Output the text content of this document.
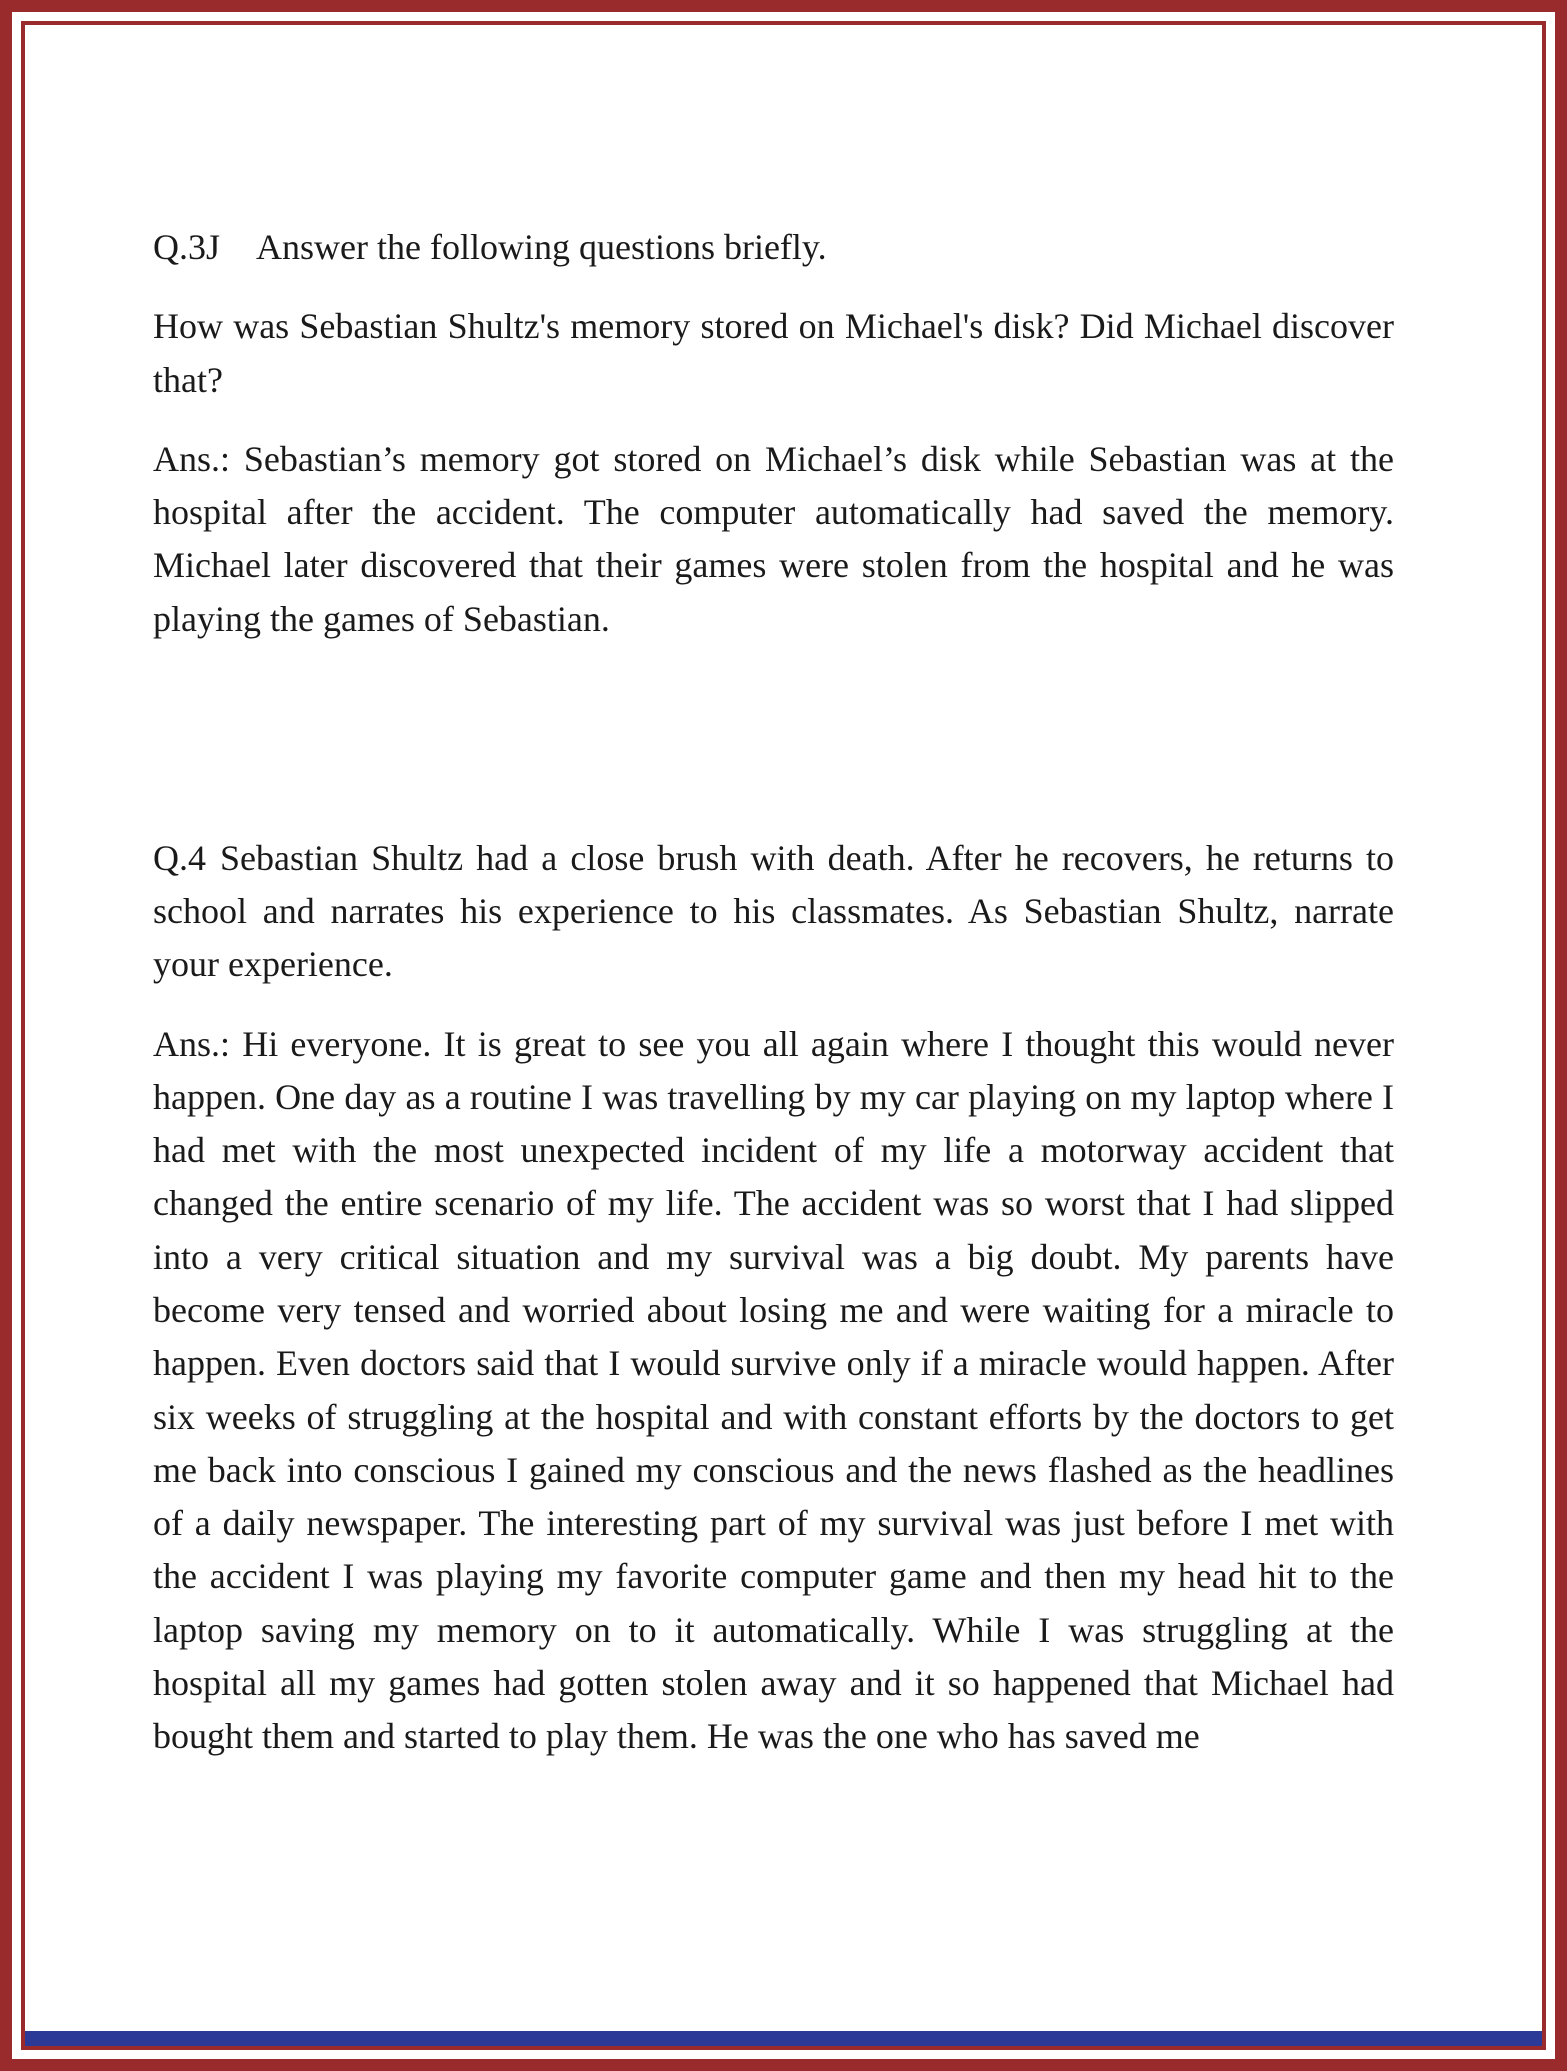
Q.3J Answer the following questions briefly.

How was Sebastian Shultz's memory stored on Michael's disk? Did Michael discover that?

Ans.: Sebastian’s memory got stored on Michael’s disk while Sebastian was at the hospital after the accident. The computer automatically had saved the memory. Michael later discovered that their games were stolen from the hospital and he was playing the games of Sebastian.

Q.4 Sebastian Shultz had a close brush with death. After he recovers, he returns to school and narrates his experience to his classmates. As Sebastian Shultz, narrate your experience.

Ans.: Hi everyone. It is great to see you all again where I thought this would never happen. One day as a routine I was travelling by my car playing on my laptop where I had met with the most unexpected incident of my life a motorway accident that changed the entire scenario of my life. The accident was so worst that I had slipped into a very critical situation and my survival was a big doubt. My parents have become very tensed and worried about losing me and were waiting for a miracle to happen. Even doctors said that I would survive only if a miracle would happen. After six weeks of struggling at the hospital and with constant efforts by the doctors to get me back into conscious I gained my conscious and the news flashed as the headlines of a daily newspaper. The interesting part of my survival was just before I met with the accident I was playing my favorite computer game and then my head hit to the laptop saving my memory on to it automatically. While I was struggling at the hospital all my games had gotten stolen away and it so happened that Michael had bought them and started to play them. He was the one who has saved me
